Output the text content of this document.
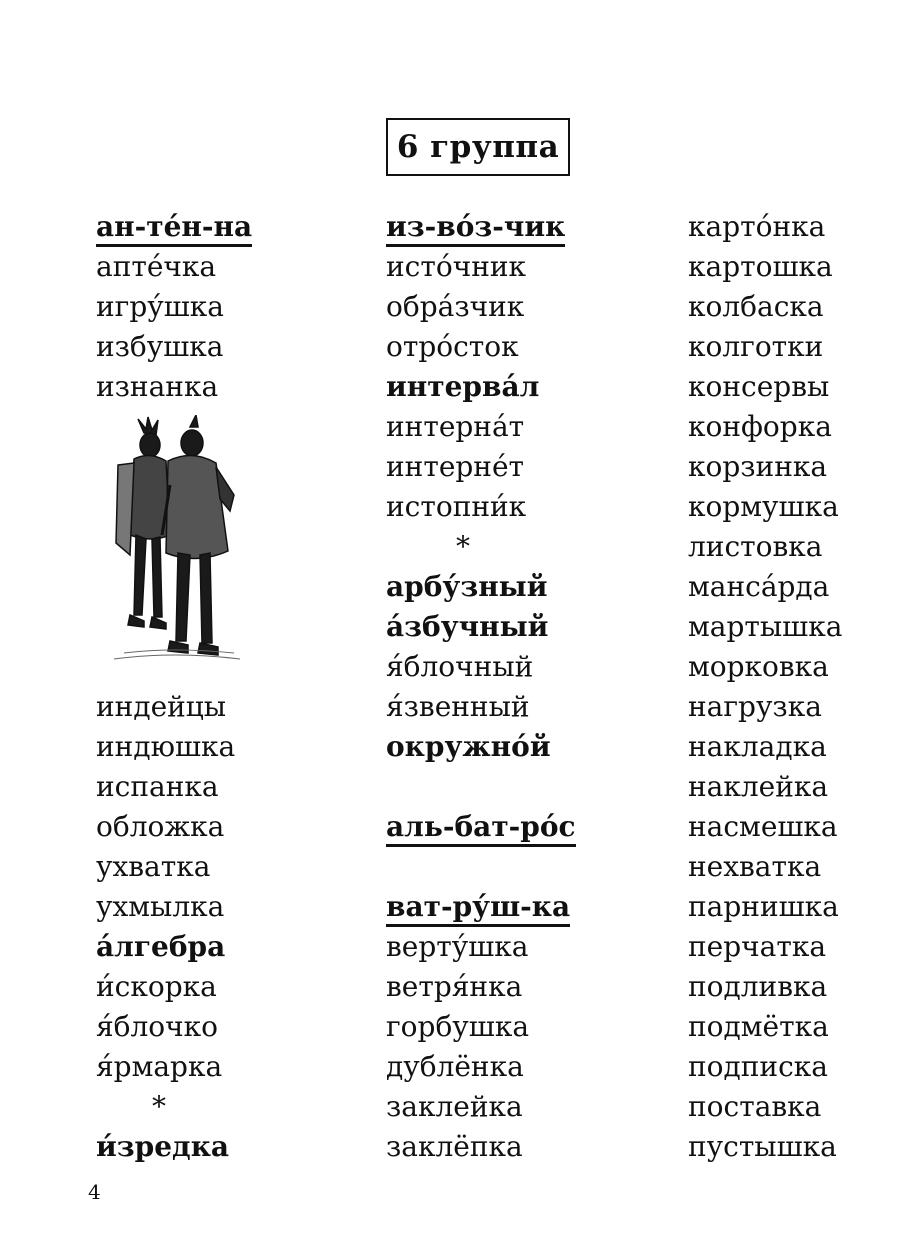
6 группа
ан-те́н-на
апте́чка
игру́шка
избушка
изнанка
индейцы
индюшка
испанка
обложка
ухватка
ухмылка
а́лгебра
и́скорка
я́блочко
я́рмарка
*
и́зредка
из-во́з-чик
исто́чник
обра́зчик
отро́сток
интерва́л
интерна́т
интерне́т
истопни́к
*
арбу́зный
а́збучный
я́блочный
я́звенный
окружно́й
аль-бат-ро́с
ват-ру́ш-ка
верту́шка
ветря́нка
горбушка
дублёнка
заклейка
заклёпка
карто́нка
картошка
колбаска
колготки
консервы
конфорка
корзинка
кормушка
листовка
манса́рда
мартышка
морковка
нагрузка
накладка
наклейка
насмешка
нехватка
парнишка
перчатка
подливка
подмётка
подписка
поставка
пустышка
4
